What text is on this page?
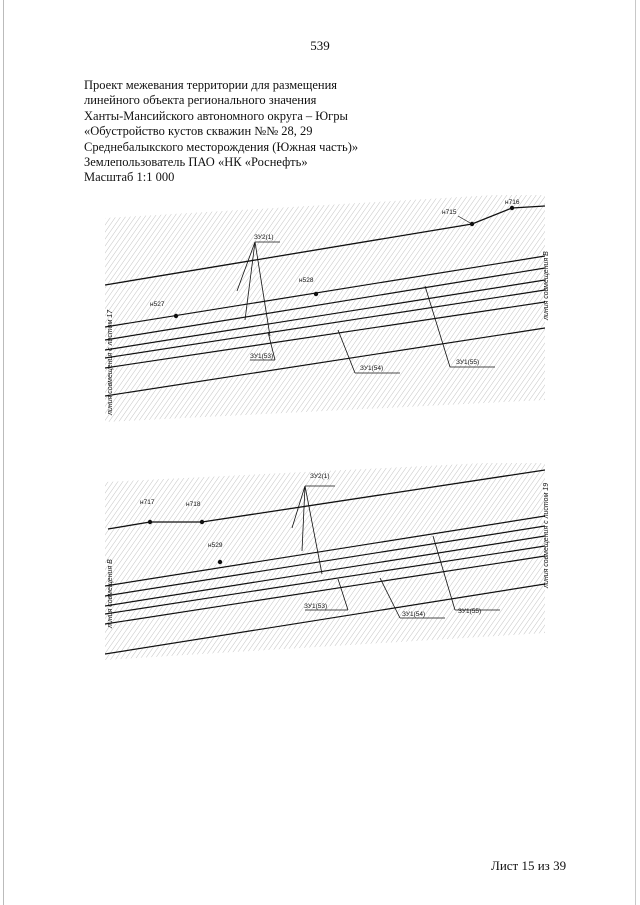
539
Проект межевания территории для размещения
линейного объекта регионального значения
Ханты-Мансийского автономного округа – Югры
«Обустройство кустов скважин №№ 28, 29
Среднебалыкского месторождения (Южная часть)»
Землепользователь ПАО «НК «Роснефть»
Масштаб 1:1 000
н715
н716
н527
н528
ЗУ2(1)
ЗУ1(53)
ЗУ1(54)
ЗУ1(55)
линия совмещения с листом 17
линия совмещения В
н717	н718
н529
ЗУ2(1)
ЗУ1(53)
ЗУ1(54)	ЗУ1(55)
линия совмещения В
линия совмещения с листом 19
Лист 15 из 39
